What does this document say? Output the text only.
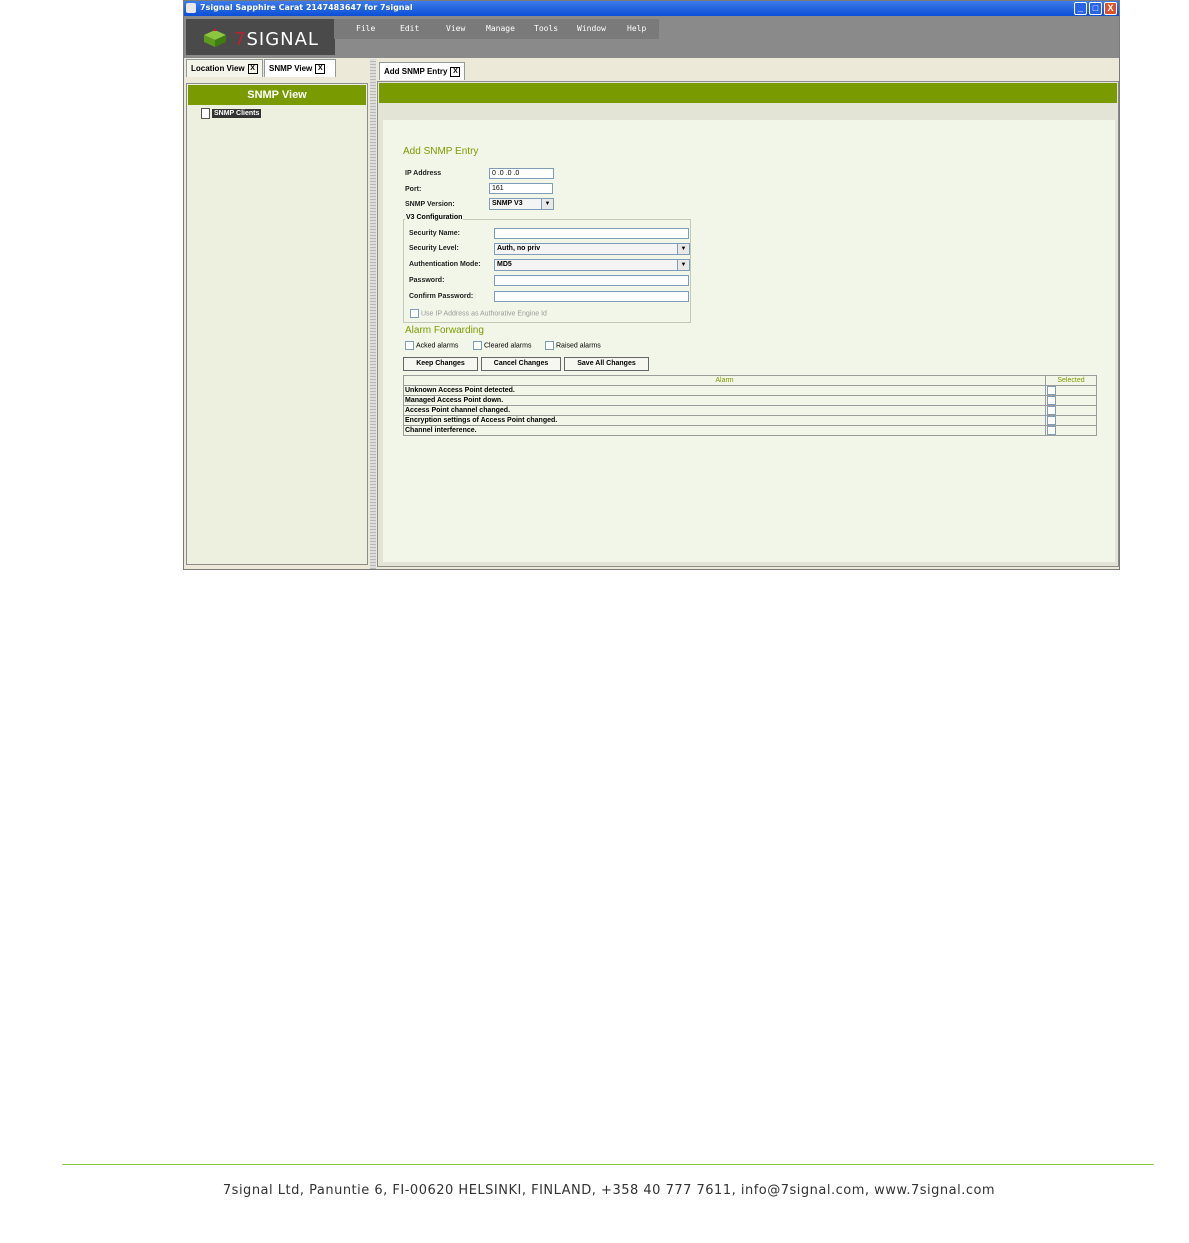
7signal Sapphire Carat 2147483647 for 7signal	_	□	X
7SIGNAL
File	Edit	View	Manage Tools Window	Help
Location View X	SNMP View X
SNMP View
SNMP Clients
Add SNMP Entry X
Add SNMP Entry
IP Address	0 .0 .0 .0
Port:	161
SNMP Version:	SNMP V3	▼
V3 Configuration
Security Name:
Security Level:	Auth, no priv	▼
Authentication Mode:	MD5	▼
Password:
Confirm Password:
Use IP Address as Authorative Engine Id
Alarm Forwarding
Acked alarms	Cleared alarms	Raised alarms
Keep Changes	Cancel Changes	Save All Changes
Alarm	Selected
Unknown Access Point detected.	
Managed Access Point down.	
Access Point channel changed.	
Encryption settings of Access Point changed.	
Channel interference.	
7signal Ltd, Panuntie 6, FI-00620 HELSINKI, FINLAND, +358 40 777 7611, info@7signal.com, www.7signal.com
